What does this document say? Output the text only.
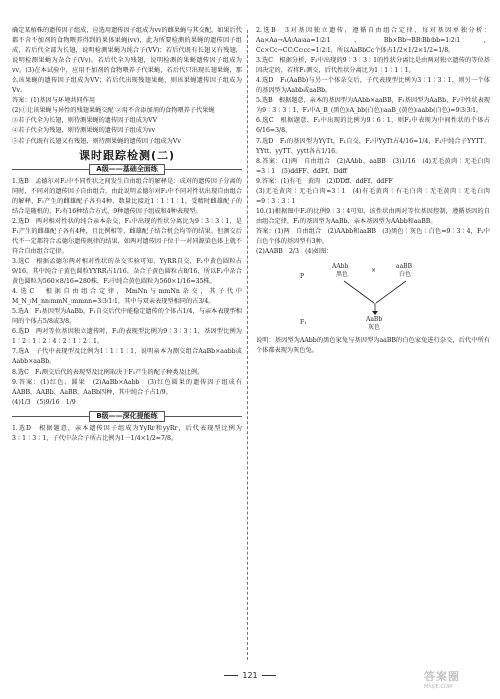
确定某植株的遗传因子组成，应选用遗传因子组成为vv的雌果蝇与其交配，如果后代都不含不加剂的食物喂养得到的果体果蝇(vv)，此为所要检测的果蝇的遗传因子组成，若后代全部为长翅，说明检测果蝇为纯合子(VV)；若后代既有长翅又有残翅，说明检测果蝇为杂合子(Vv)。若后代全为残翅，说明检测的果蝇遗传因子组成为vv。(3)在本试验中，应用不加剂的食物喂养子代果蝇，若后代只出现长翅果蝇，那么该果蝇的遗传因子组成为VV；若后代出现残翅果蝇，则该果蝇遗传因子组成为Vv。

答案：(1)基因与环境共同作用

(2)①让该果蝇与异性的残翅果蝇交配 ②用不含添加剂的食物喂养子代果蝇

③若子代全为长翅，则待测果蝇的遗传因子组成为VV

④若子代全为残翅，则待测果蝇的遗传因子组成为vv

⑤若子代既有长翅又有残翅，则待测果蝇的遗传因子组成为Vv

课时跟踪检测(二)
A级——基础全面练

1.选B　孟德尔对F₂中不同性状之间发生自由组合的解释是：成对的遗传因子分离的同时，不同对的遗传因子自由组合，由此说明孟德尔对F₂中不同对性状出现自由组合的解释，F₁产生的雌雄配子各有4种，数量比接近1∶1∶1∶1，受精时雌雄配子的结合是随机的，F₂有16种结合方式、9种遗传因子组成和4种表现型。

2.选D　两对相对性状的纯合亲本杂交，F₂中出现的性状分离比为9∶3∶3∶1，是F₁产生的雌雄配子各有4种，且比例相等，雌雄配子结合机会均等的结果。但测交后代不一定都符合孟德尔遗传规律的结果，如两对遗传因子位于一对同源染色体上就不符合自由组合定律。

3.选C　根据孟德尔两对相对性状的杂交实验可知，YyRR自交，F₂中黄色圆粒占9/16，其中纯合子黄色圆粒YYRR占1/16，杂合子黄色圆粒占8/16，所以F₂中杂合黄色圆粒为560×8/16=280株，F₂中纯合黄色圆粒为560×1/16=35株。

4.选C　根据自由组合定律，MmNn与mmNn杂交，其子代中M_N_∶M_nn∶mmN_∶mmnn=3∶3∶1∶1，其中与双亲表现型相同的占3/4。

5.选A　F₁基因型为AaBb，F₁自交后代中能稳定遗传的个体占1/4，与亲本表现型相同的个体占5/8或3/8。

6.选D　两对等位基因独立遗传时，F₂的表现型比例为9∶3∶3∶1，基因型比例为1∶2∶1∶2∶4∶2∶1∶2∶1。

7.选A　子代中表现型及比例为1∶1∶1∶1，说明亲本为测交组合AaBb×aabb或Aabb×aaBb。

8.选C　F₁测交后代的表现型及比例取决于F₁产生的配子种类及比例。

9.答案：(1)红色、圆果　(2)AaBb×Aabb　(3)红色圆果的遗传因子组成有AABB、AABb、AaBB、AaBb四种，其中纯合子占1/9。

(4)1/3　(5)9/16　1/9

B级——深化提能练

1.选D　根据题意，亲本遗传因子组成为YyRr和yyRr，后代表现型比例为3∶1∶3∶1，子代中杂合子所占比例为1－1/4×1/2=7/8。

2.选B　3对基因独立遗传，遵循自由组合定律，每对基因单独分析：Aa×Aa→AA∶Aa∶aa=1∶2∶1，Bb×Bb→BB∶Bb∶bb=1∶2∶1，Cc×Cc→CC∶Cc∶cc=1∶2∶1，所以AaBbCc个体占1/2×1/2×1/2=1/8。

3.选C　根据分析，F₂中出现的9∶3∶3∶1的性状分离比是由两对独立遗传的等位基因决定的，若将F₁测交，后代性状分离比为1∶1∶1∶1。

4.选D　F₁(AaBb)与另一个体杂交后，子代表现型比例为3∶1∶3∶1，则另一个体的基因型为Aabb或aaBb。

5.选B　根据题意，亲本的基因型为AAbb×aaBB，F₁基因型为AaBb，F₂中性状表现为9∶3∶3∶1，F₂中A_B_(黑色)∶A_bb(白色)∶aaB_(黄色)∶aabb(白色)=9∶3∶3∶1。

6.选C　根据题意，F₂中出现的比例为9∶6∶1，则F₂中表现为中间性状的个体占6/16=3/8。

7.选D　F₁的基因型为YyTt，F₁自交，F₂中YyTt占4/16=1/4，F₂中纯合子YYTT、YYtt、yyTT、yytt各占1/16。

8.答案：(1)两　自由组合　(2)AAbb、aaBB　(3)1/16　(4)无毛黄肉∶无毛白肉=3∶1　(5)ddFF、ddFf、Ddff

9.答案：(1)有毛　黄肉　(2)DDff、ddFf、ddFF

(3)无毛黄肉∶无毛白肉=3∶1　(4)有毛黄肉∶有毛白肉∶无毛黄肉∶无毛白肉=9∶3∶3∶1

10.(1)根据图中F₂的比例9∶3∶4可知，该性状由两对等位基因控制，遵循基因的自由组合定律，F₁的基因型为AaBb，亲本基因型为AAbb和aaBB。

答案：(1)两　自由组合　(2)AAbb和aaBB　(3)黑色∶灰色∶白色=9∶3∶4，F₂中白色个体的基因型有3种。

(2)AABB　2/3　(4)如图：

P
AAbb
黑色
×
aaBB
白色
F₁	AaBb
灰色

说明：基因型为AAbb的黑色家兔与基因型为aaBB的白色家兔进行杂交，后代中所有个体都表现为灰色兔。

121	答案圈
MXQE.COM
